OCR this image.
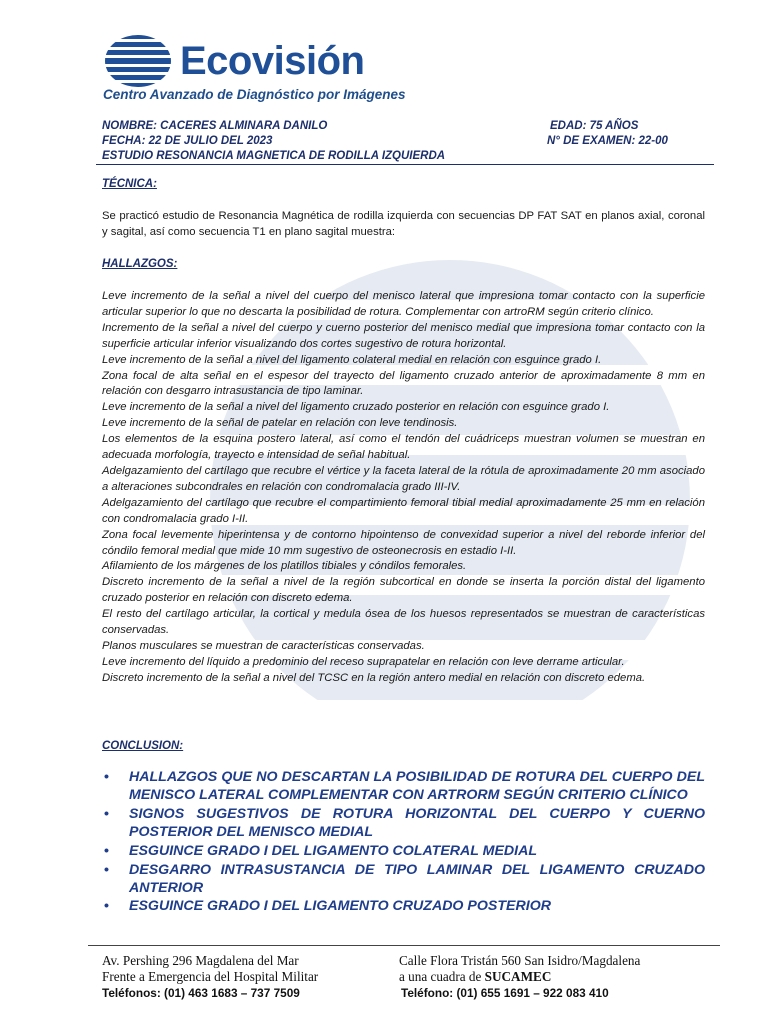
Ecovisión
Centro Avanzado de Diagnóstico por Imágenes
NOMBRE: CACERES ALMINARA DANILO	EDAD: 75 AÑOS
FECHA: 22 DE JULIO DEL 2023	N° DE EXAMEN: 22-00
ESTUDIO RESONANCIA MAGNETICA DE RODILLA IZQUIERDA
TÉCNICA:

Se practicó estudio de Resonancia Magnética de rodilla izquierda con secuencias DP FAT SAT en planos axial, coronal y sagital, así como secuencia T1 en plano sagital muestra:

HALLAZGOS:

Leve incremento de la señal a nivel del cuerpo del menisco lateral que impresiona tomar contacto con la superficie articular superior lo que no descarta la posibilidad de rotura. Complementar con artroRM según criterio clínico.

Incremento de la señal a nivel del cuerpo y cuerno posterior del menisco medial que impresiona tomar contacto con la superficie articular inferior visualizando dos cortes sugestivo de rotura horizontal.

Leve incremento de la señal a nivel del ligamento colateral medial en relación con esguince grado I.

Zona focal de alta señal en el espesor del trayecto del ligamento cruzado anterior de aproximadamente 8 mm en relación con desgarro intrasustancia de tipo laminar.

Leve incremento de la señal a nivel del ligamento cruzado posterior en relación con esguince grado I.

Leve incremento de la señal de patelar en relación con leve tendinosis.

Los elementos de la esquina postero lateral, así como el tendón del cuádriceps muestran volumen se muestran en adecuada morfología, trayecto e intensidad de señal habitual.

Adelgazamiento del cartílago que recubre el vértice y la faceta lateral de la rótula de aproximadamente 20 mm asociado a alteraciones subcondrales en relación con condromalacia grado III-IV.

Adelgazamiento del cartílago que recubre el compartimiento femoral tibial medial aproximadamente 25 mm en relación con condromalacia grado I-II.

Zona focal levemente hiperintensa y de contorno hipointenso de convexidad superior a nivel del reborde inferior del cóndilo femoral medial que mide 10 mm sugestivo de osteonecrosis en estadio I-II.

Afilamiento de los márgenes de los platillos tibiales y cóndilos femorales.

Discreto incremento de la señal a nivel de la región subcortical en donde se inserta la porción distal del ligamento cruzado posterior en relación con discreto edema.

El resto del cartílago articular, la cortical y medula ósea de los huesos representados se muestran de características conservadas.

Planos musculares se muestran de características conservadas.

Leve incremento del líquido a predominio del receso suprapatelar en relación con leve derrame articular.

Discreto incremento de la señal a nivel del TCSC en la región antero medial en relación con discreto edema.

CONCLUSION:
• HALLAZGOS QUE NO DESCARTAN LA POSIBILIDAD DE ROTURA DEL CUERPO DEL MENISCO LATERAL COMPLEMENTAR CON ARTRORM SEGÚN CRITERIO CLÍNICO
• SIGNOS SUGESTIVOS DE ROTURA HORIZONTAL DEL CUERPO Y CUERNO POSTERIOR DEL MENISCO MEDIAL
• ESGUINCE GRADO I DEL LIGAMENTO COLATERAL MEDIAL
• DESGARRO INTRASUSTANCIA DE TIPO LAMINAR DEL LIGAMENTO CRUZADO ANTERIOR
• ESGUINCE GRADO I DEL LIGAMENTO CRUZADO POSTERIOR
Av. Pershing 296 Magdalena del Mar
Frente a Emergencia del Hospital Militar
Teléfonos: (01) 463 1683 – 737 7509
Calle Flora Tristán 560 San Isidro/Magdalena
a una cuadra de SUCAMEC
Teléfono: (01) 655 1691 – 922 083 410
